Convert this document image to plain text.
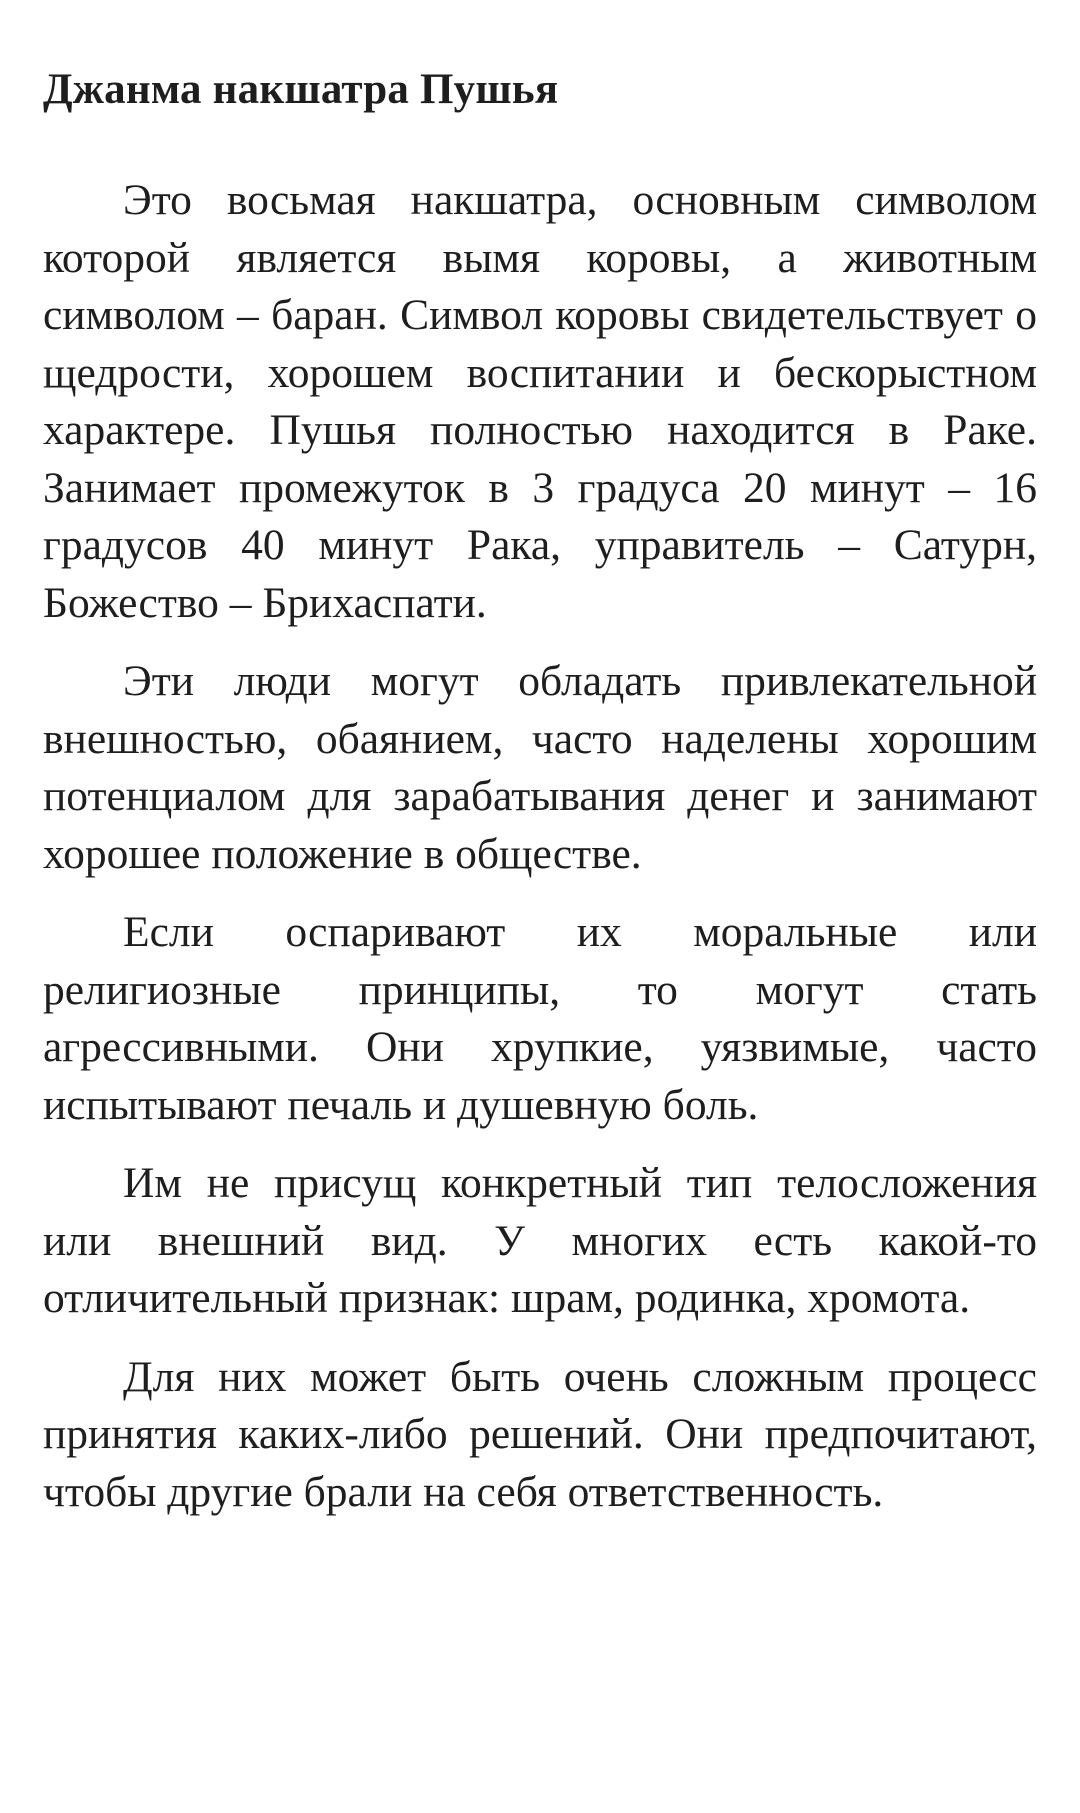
Джанма накшатра Пушья

Это восьмая накшатра, основным символом которой является вымя коровы, а животным символом – баран. Символ коровы свидетельствует о щедрости, хорошем воспитании и бескорыстном характере. Пушья полностью находится в Раке. Занимает промежуток в 3 градуса 20 минут – 16 градусов 40 минут Рака, управитель – Сатурн, Божество – Брихаспати.

Эти люди могут обладать привлекательной внешностью, обаянием, часто наделены хорошим потенциалом для зарабатывания денег и занимают хорошее положение в обществе.

Если оспаривают их моральные или религиозные принципы, то могут стать агрессивными. Они хрупкие, уязвимые, часто испытывают печаль и душевную боль.

Им не присущ конкретный тип телосложения или внешний вид. У многих есть какой-то отличительный признак: шрам, родинка, хромота.

Для них может быть очень сложным процесс принятия каких-либо решений. Они предпочитают, чтобы другие брали на себя ответственность.
